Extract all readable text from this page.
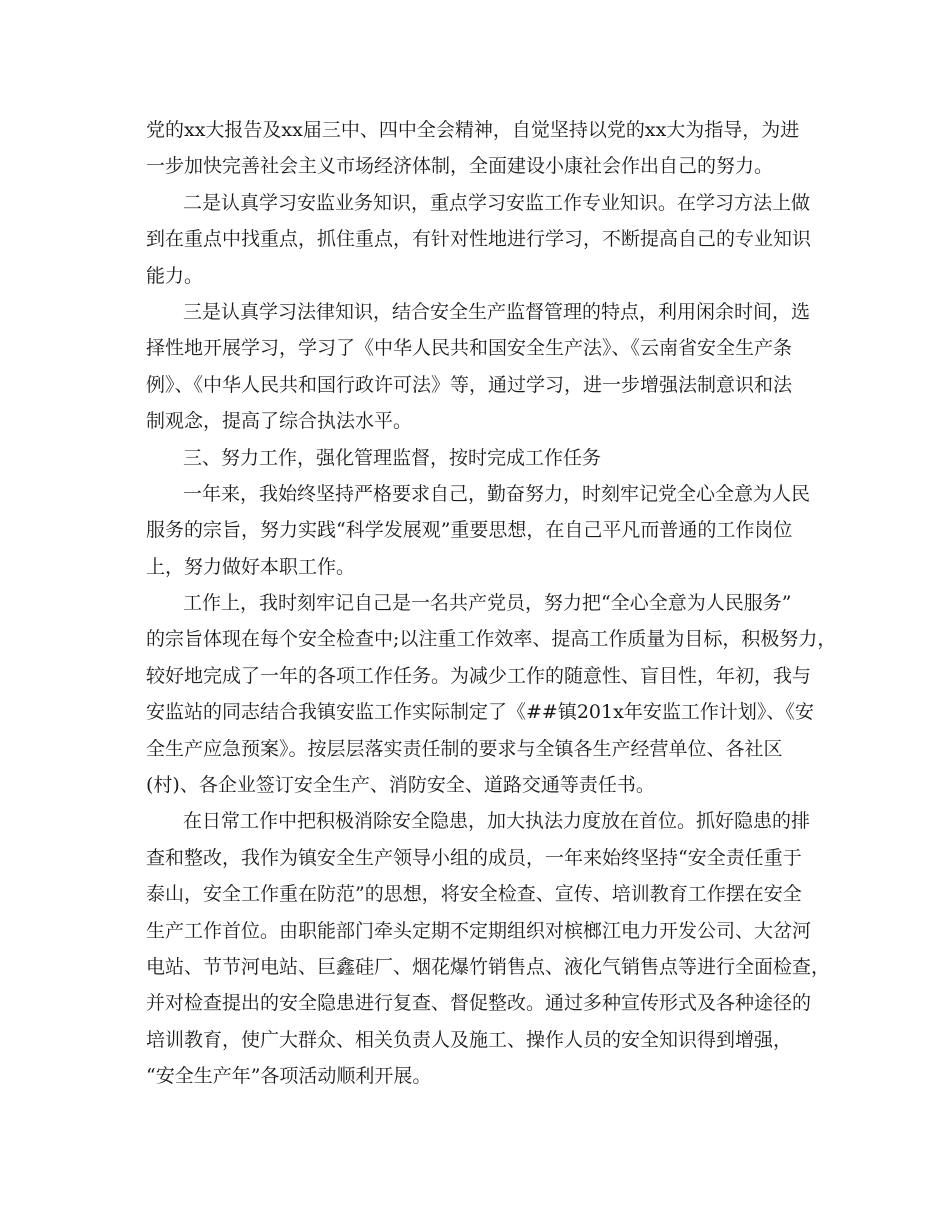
党的xx大报告及xx届三中、四中全会精神，自觉坚持以党的xx大为指导，为进
一步加快完善社会主义市场经济体制，全面建设小康社会作出自己的努力。
二是认真学习安监业务知识，重点学习安监工作专业知识。在学习方法上做
到在重点中找重点，抓住重点，有针对性地进行学习，不断提高自己的专业知识
能力。
三是认真学习法律知识，结合安全生产监督管理的特点，利用闲余时间，选
择性地开展学习，学习了《中华人民共和国安全生产法》、《云南省安全生产条
例》、《中华人民共和国行政许可法》等，通过学习，进一步增强法制意识和法
制观念，提高了综合执法水平。
三、努力工作，强化管理监督，按时完成工作任务
一年来，我始终坚持严格要求自己，勤奋努力，时刻牢记党全心全意为人民
服务的宗旨，努力实践“科学发展观”重要思想，在自己平凡而普通的工作岗位
上，努力做好本职工作。
工作上，我时刻牢记自己是一名共产党员，努力把“全心全意为人民服务”
的宗旨体现在每个安全检查中;以注重工作效率、提高工作质量为目标，积极努力，
较好地完成了一年的各项工作任务。为减少工作的随意性、盲目性，年初，我与
安监站的同志结合我镇安监工作实际制定了《##镇201x年安监工作计划》、《安
全生产应急预案》。按层层落实责任制的要求与全镇各生产经营单位、各社区
(村)、各企业签订安全生产、消防安全、道路交通等责任书。
在日常工作中把积极消除安全隐患，加大执法力度放在首位。抓好隐患的排
查和整改，我作为镇安全生产领导小组的成员，一年来始终坚持“安全责任重于
泰山，安全工作重在防范”的思想，将安全检查、宣传、培训教育工作摆在安全
生产工作首位。由职能部门牵头定期不定期组织对槟榔江电力开发公司、大岔河
电站、节节河电站、巨鑫硅厂、烟花爆竹销售点、液化气销售点等进行全面检查，
并对检查提出的安全隐患进行复查、督促整改。通过多种宣传形式及各种途径的
培训教育，使广大群众、相关负责人及施工、操作人员的安全知识得到增强，
“安全生产年”各项活动顺利开展。
